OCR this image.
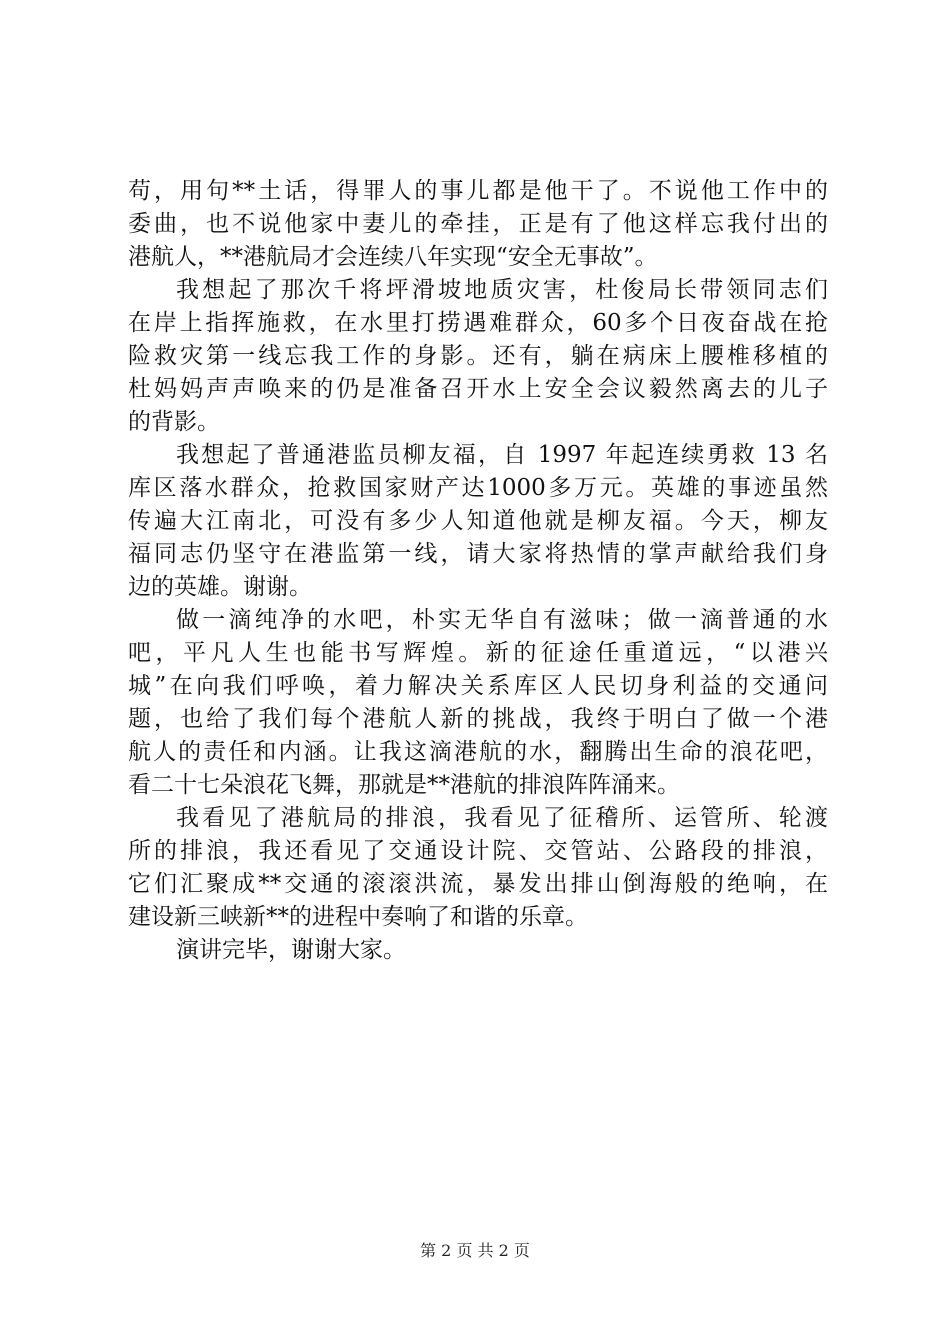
苟，用句**土话，得罪人的事儿都是他干了。不说他工作中的
委曲，也不说他家中妻儿的牵挂，正是有了他这样忘我付出的
港航人，**港航局才会连续八年实现“安全无事故”。
我想起了那次千将坪滑坡地质灾害，杜俊局长带领同志们
在岸上指挥施救，在水里打捞遇难群众，60多个日夜奋战在抢
险救灾第一线忘我工作的身影。还有，躺在病床上腰椎移植的
杜妈妈声声唤来的仍是准备召开水上安全会议毅然离去的儿子
的背影。
我想起了普通港监员柳友福，自 1997 年起连续勇救 13 名
库区落水群众，抢救国家财产达1000多万元。英雄的事迹虽然
传遍大江南北，可没有多少人知道他就是柳友福。今天，柳友
福同志仍坚守在港监第一线，请大家将热情的掌声献给我们身
边的英雄。谢谢。
做一滴纯净的水吧，朴实无华自有滋味；做一滴普通的水
吧，平凡人生也能书写辉煌。新的征途任重道远，“以港兴
城”在向我们呼唤，着力解决关系库区人民切身利益的交通问
题，也给了我们每个港航人新的挑战，我终于明白了做一个港
航人的责任和内涵。让我这滴港航的水，翻腾出生命的浪花吧，
看二十七朵浪花飞舞，那就是**港航的排浪阵阵涌来。
我看见了港航局的排浪，我看见了征稽所、运管所、轮渡
所的排浪，我还看见了交通设计院、交管站、公路段的排浪，
它们汇聚成**交通的滚滚洪流，暴发出排山倒海般的绝响，在
建设新三峡新**的进程中奏响了和谐的乐章。
演讲完毕，谢谢大家。
第 2 页 共 2 页
